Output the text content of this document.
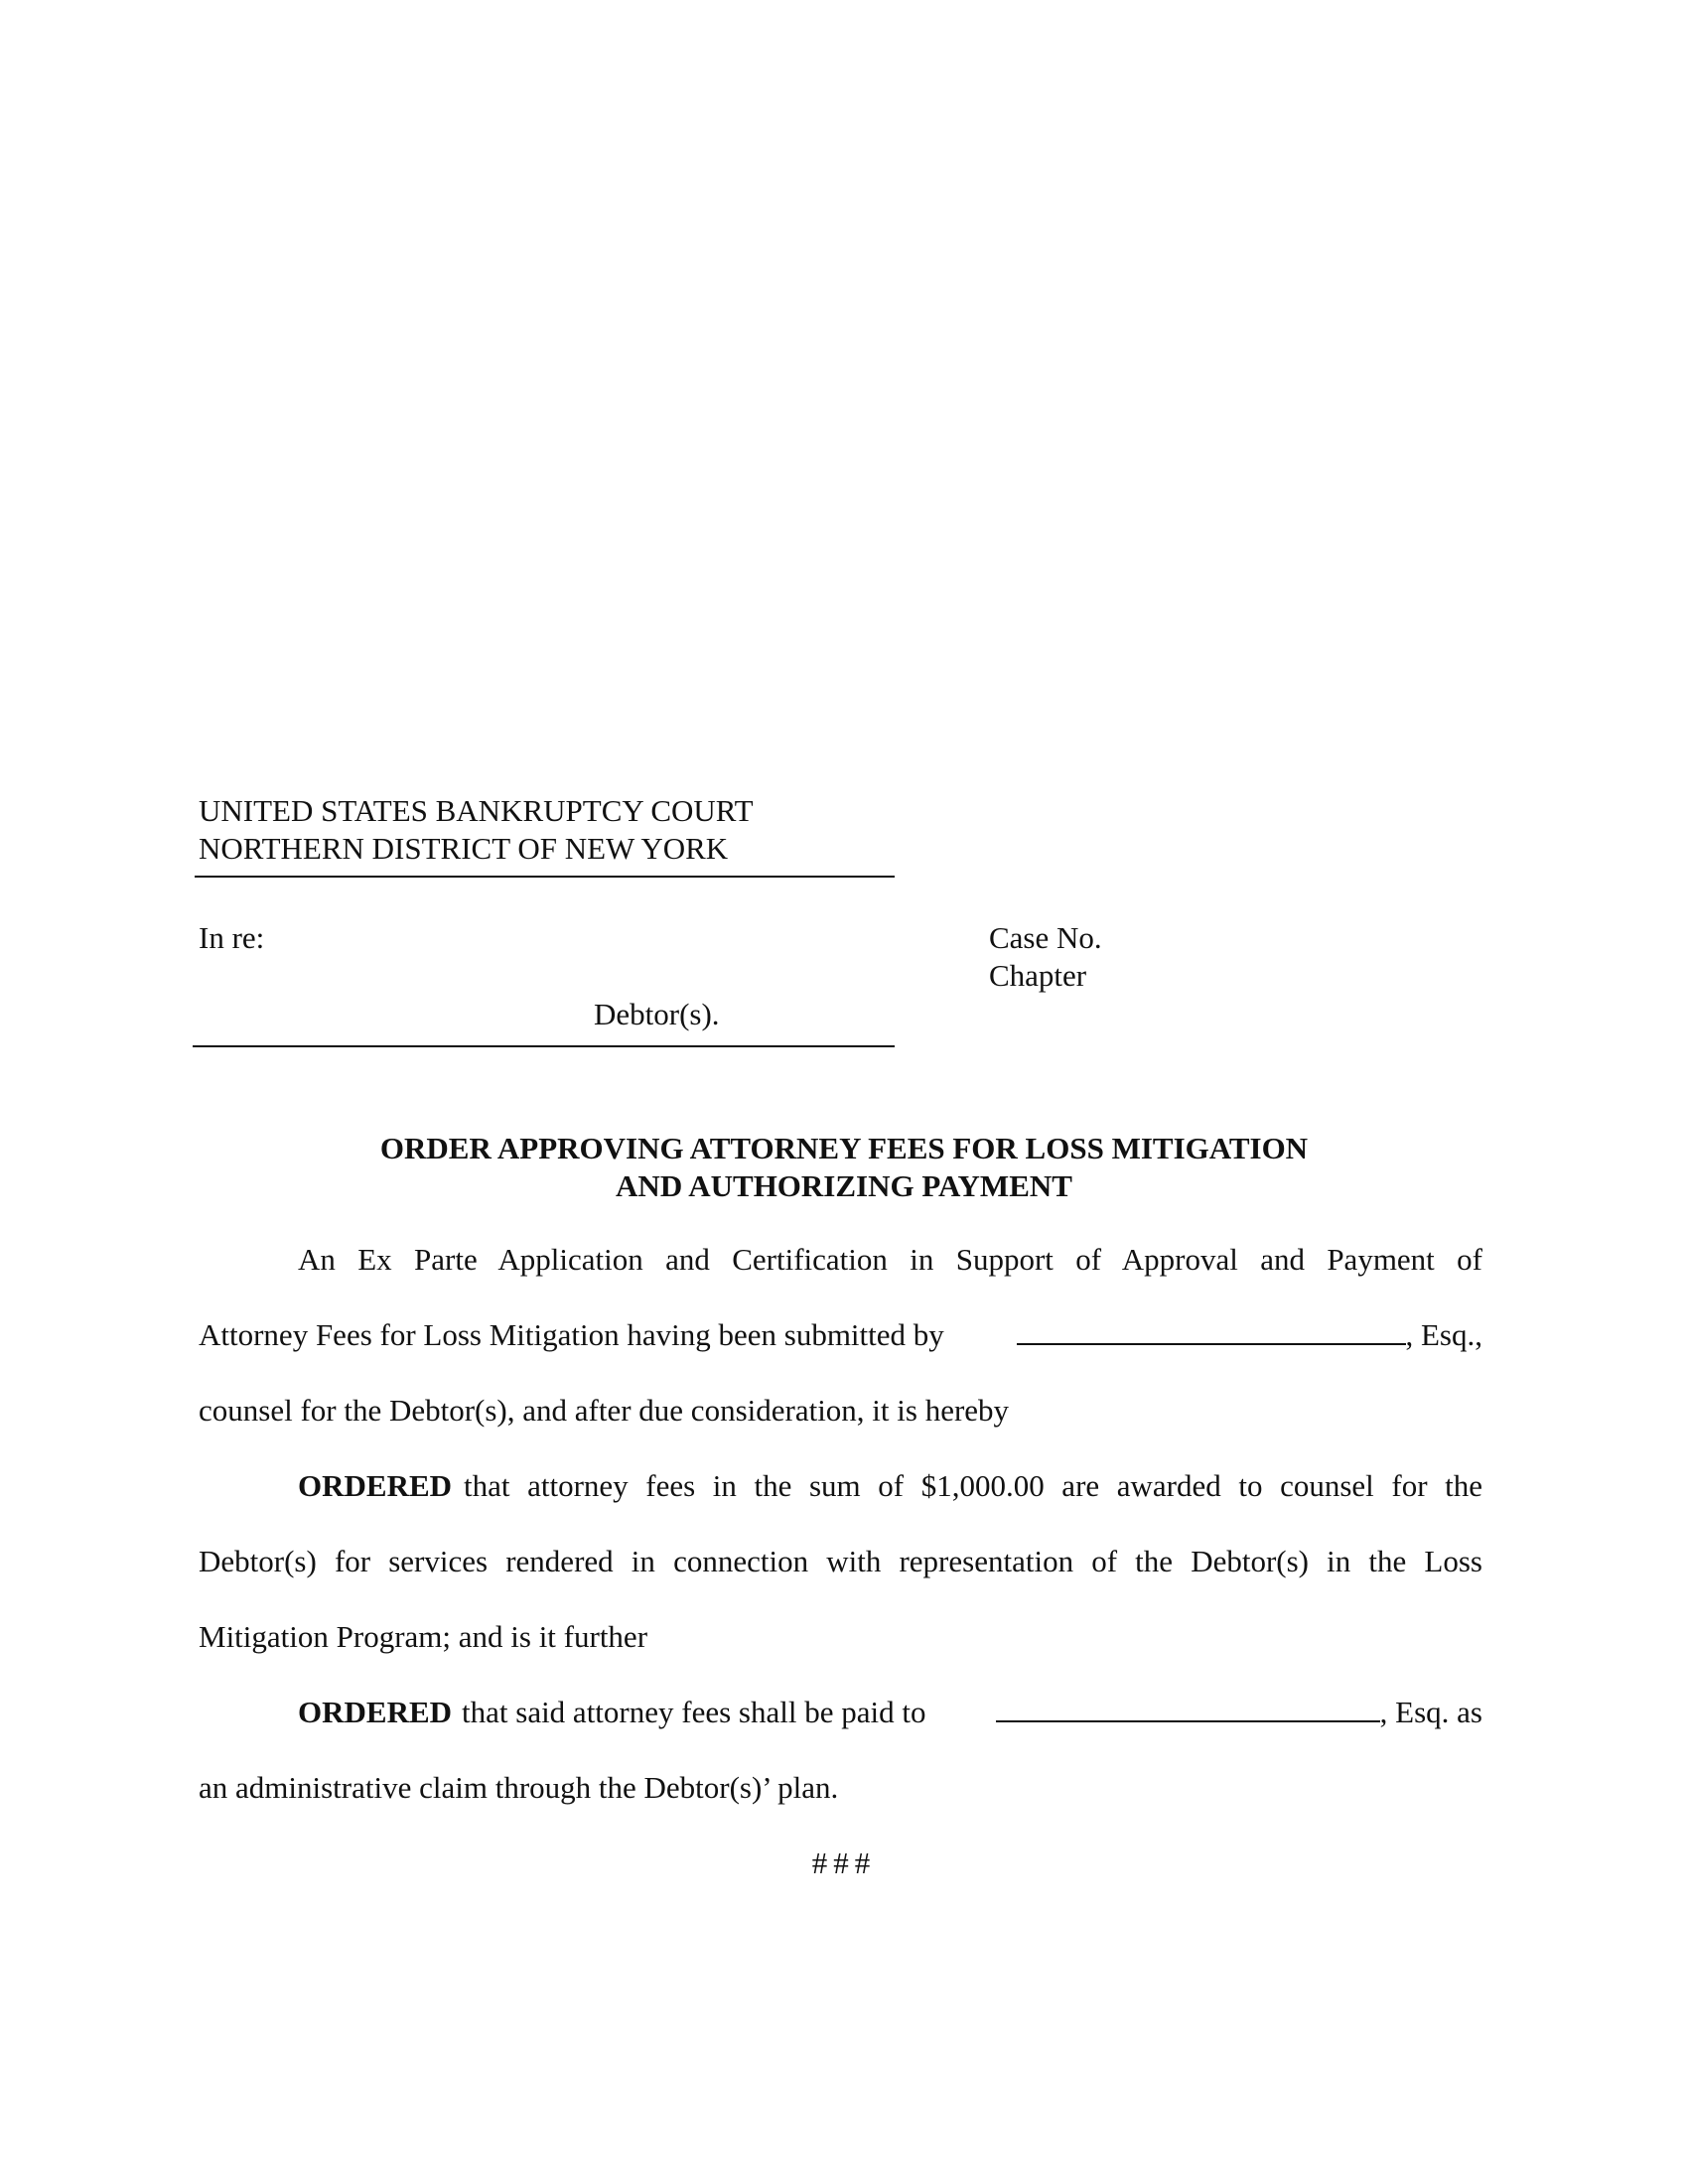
UNITED STATES BANKRUPTCY COURT
NORTHERN DISTRICT OF NEW YORK
In re:	Case No.
Chapter
Debtor(s).
ORDER APPROVING ATTORNEY FEES FOR LOSS MITIGATION
AND AUTHORIZING PAYMENT
An Ex Parte Application and Certification in Support of Approval and Payment of
Attorney Fees for Loss Mitigation having been submitted by	, Esq.,
counsel for the Debtor(s), and after due consideration, it is hereby
ORDERED that attorney fees in the sum of $1,000.00 are awarded to counsel for the
Debtor(s) for services rendered in connection with representation of the Debtor(s) in the Loss
Mitigation Program; and is it further
ORDERED that said attorney fees shall be paid to	, Esq. as
an administrative claim through the Debtor(s)’ plan.
###
